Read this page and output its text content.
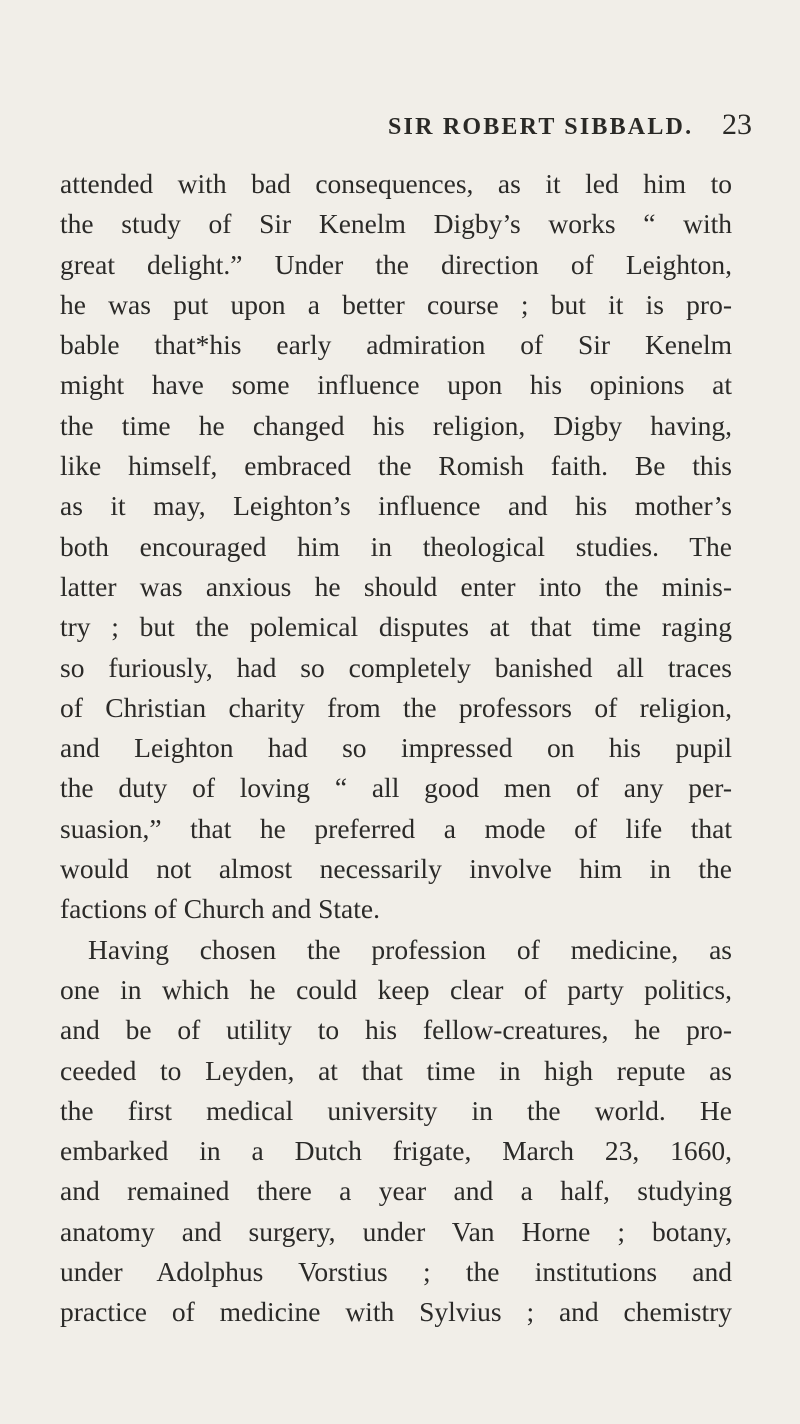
SIR ROBERT SIBBALD. 23
attended with bad consequences, as it led him to
the study of Sir Kenelm Digby’s works “ with
great delight.” Under the direction of Leighton,
he was put upon a better course ; but it is pro-
bable that*his early admiration of Sir Kenelm
might have some influence upon his opinions at
the time he changed his religion, Digby having,
like himself, embraced the Romish faith. Be this
as it may, Leighton’s influence and his mother’s
both encouraged him in theological studies. The
latter was anxious he should enter into the minis-
try ; but the polemical disputes at that time raging
so furiously, had so completely banished all traces
of Christian charity from the professors of religion,
and Leighton had so impressed on his pupil
the duty of loving “ all good men of any per-
suasion,” that he preferred a mode of life that
would not almost necessarily involve him in the
factions of Church and State.
Having chosen the profession of medicine, as
one in which he could keep clear of party politics,
and be of utility to his fellow-creatures, he pro-
ceeded to Leyden, at that time in high repute as
the first medical university in the world. He
embarked in a Dutch frigate, March 23, 1660,
and remained there a year and a half, studying
anatomy and surgery, under Van Horne ; botany,
under Adolphus Vorstius ; the institutions and
practice of medicine with Sylvius ; and chemistry
